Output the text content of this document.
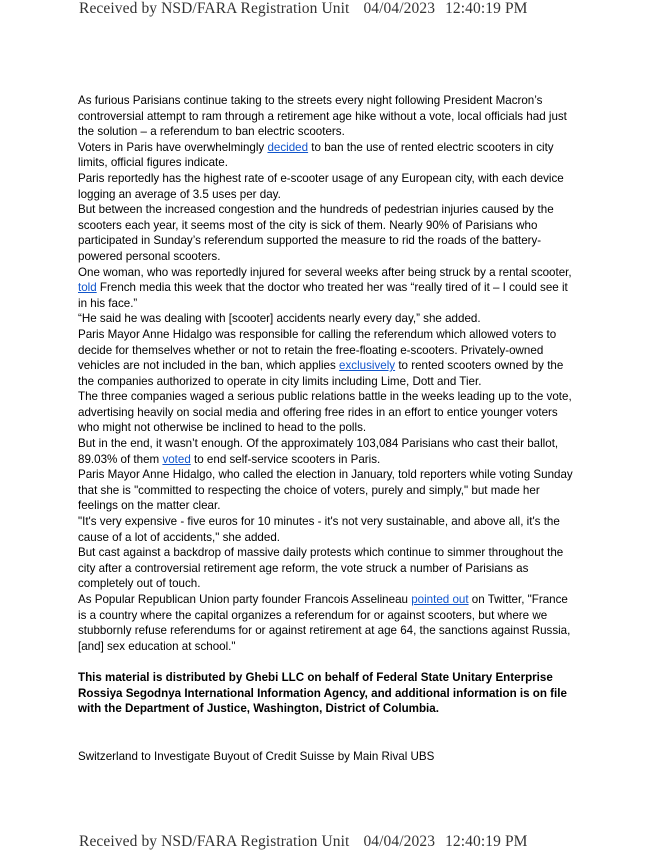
Received by NSD/FARA Registration Unit 04/04/2023 12:40:19 PM

As furious Parisians continue taking to the streets every night following President Macron’s controversial attempt to ram through a retirement age hike without a vote, local officials had just the solution – a referendum to ban electric scooters.

Voters in Paris have overwhelmingly decided to ban the use of rented electric scooters in city limits, official figures indicate.

Paris reportedly has the highest rate of e-scooter usage of any European city, with each device logging an average of 3.5 uses per day.

But between the increased congestion and the hundreds of pedestrian injuries caused by the scooters each year, it seems most of the city is sick of them. Nearly 90% of Parisians who participated in Sunday’s referendum supported the measure to rid the roads of the battery-powered personal scooters.

One woman, who was reportedly injured for several weeks after being struck by a rental scooter, told French media this week that the doctor who treated her was “really tired of it – I could see it in his face.”

“He said he was dealing with [scooter] accidents nearly every day,” she added.

Paris Mayor Anne Hidalgo was responsible for calling the referendum which allowed voters to decide for themselves whether or not to retain the free-floating e-scooters. Privately-owned vehicles are not included in the ban, which applies exclusively to rented scooters owned by the the companies authorized to operate in city limits including Lime, Dott and Tier.

The three companies waged a serious public relations battle in the weeks leading up to the vote, advertising heavily on social media and offering free rides in an effort to entice younger voters who might not otherwise be inclined to head to the polls.

But in the end, it wasn’t enough. Of the approximately 103,084 Parisians who cast their ballot, 89.03% of them voted to end self-service scooters in Paris.

Paris Mayor Anne Hidalgo, who called the election in January, told reporters while voting Sunday that she is "committed to respecting the choice of voters, purely and simply," but made her feelings on the matter clear.

"It's very expensive - five euros for 10 minutes - it's not very sustainable, and above all, it's the cause of a lot of accidents," she added.

But cast against a backdrop of massive daily protests which continue to simmer throughout the city after a controversial retirement age reform, the vote struck a number of Parisians as completely out of touch.

As Popular Republican Union party founder Francois Asselineau pointed out on Twitter, "France is a country where the capital organizes a referendum for or against scooters, but where we stubbornly refuse referendums for or against retirement at age 64, the sanctions against Russia, [and] sex education at school."

This material is distributed by Ghebi LLC on behalf of Federal State Unitary Enterprise Rossiya Segodnya International Information Agency, and additional information is on file with the Department of Justice, Washington, District of Columbia.
Switzerland to Investigate Buyout of Credit Suisse by Main Rival UBS
Received by NSD/FARA Registration Unit 04/04/2023 12:40:19 PM
